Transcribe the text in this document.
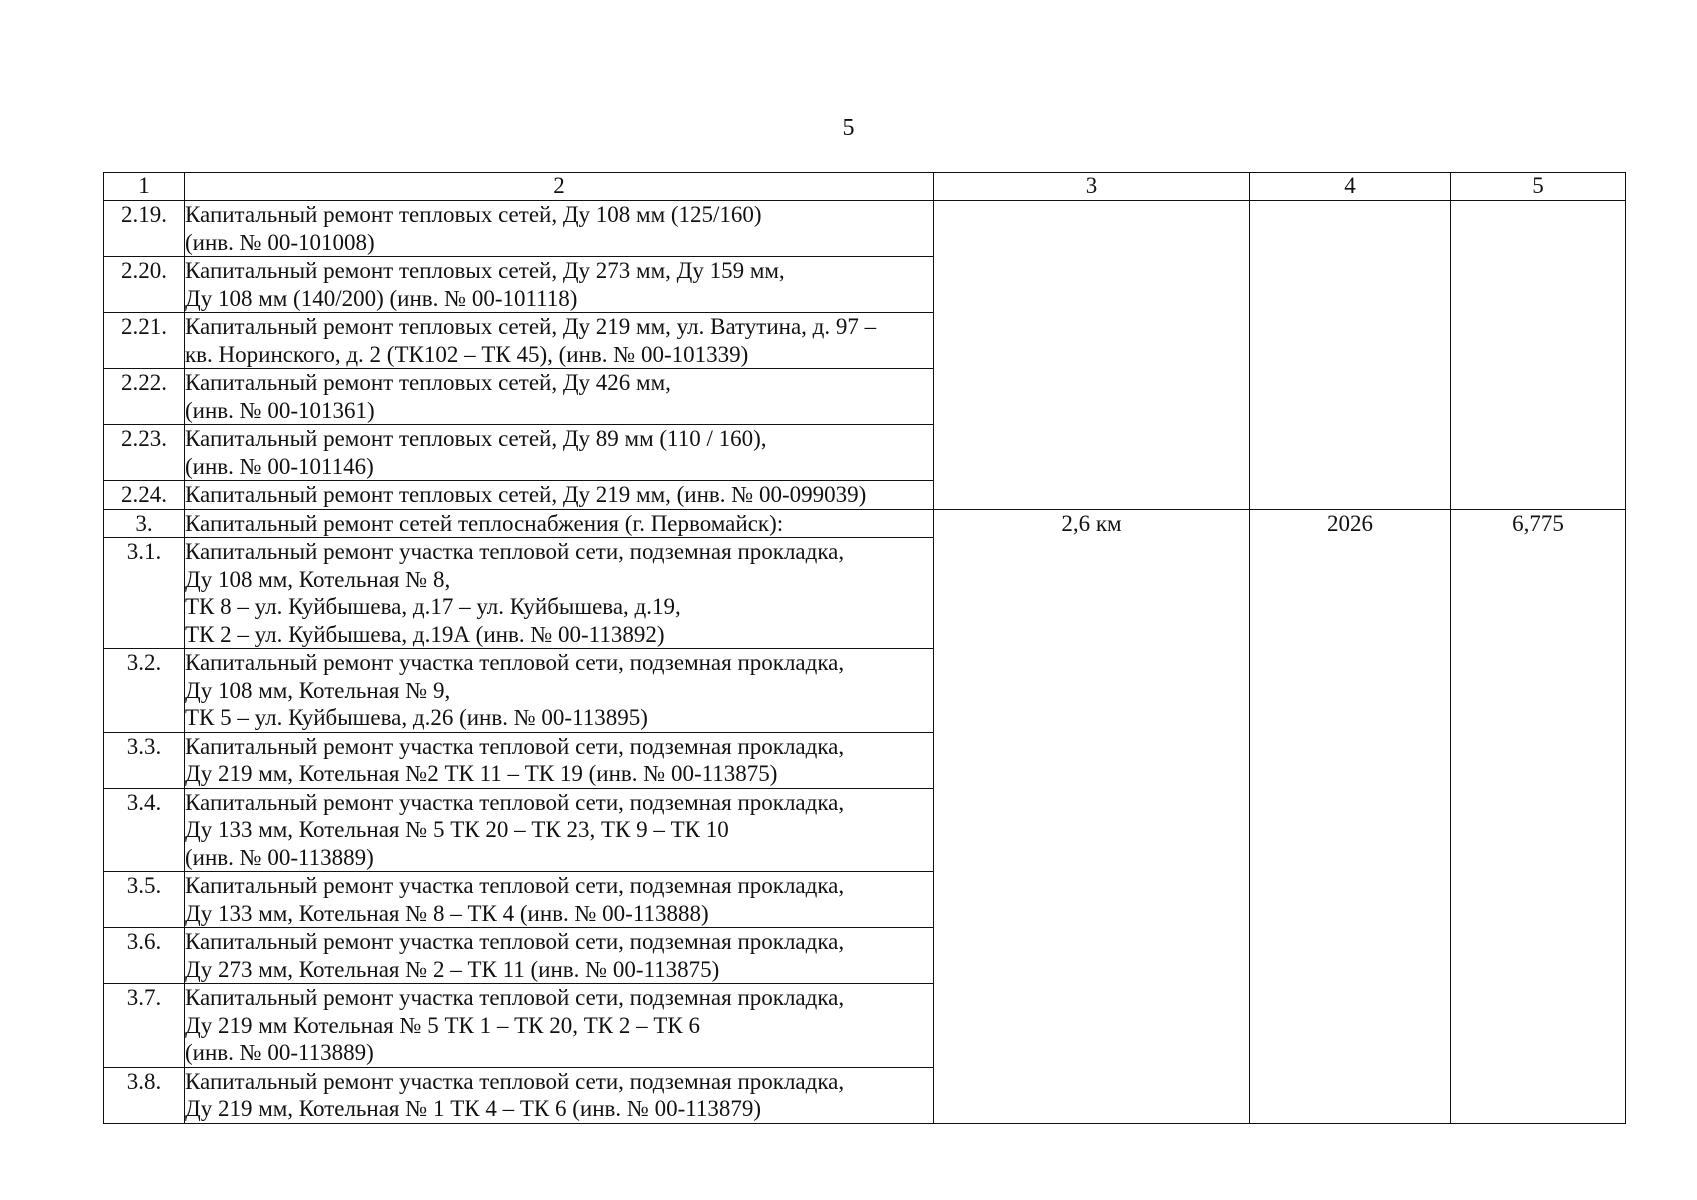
5
1	2	3	4	5
2.19.	Капитальный ремонт тепловых сетей, Ду 108 мм (125/160)
(инв. № 00-101008)			

2.20.	Капитальный ремонт тепловых сетей, Ду 273 мм, Ду 159 мм,
Ду 108 мм (140/200) (инв. № 00-101118)			

2.21.	Капитальный ремонт тепловых сетей, Ду 219 мм, ул. Ватутина, д. 97 –
кв. Норинского, д. 2 (ТК102 – ТК 45), (инв. № 00-101339)			

2.22.	Капитальный ремонт тепловых сетей, Ду 426 мм,
(инв. № 00-101361)			

2.23.	Капитальный ремонт тепловых сетей, Ду 89 мм (110 / 160),
(инв. № 00-101146)			

2.24.	Капитальный ремонт тепловых сетей, Ду 219 мм, (инв. № 00-099039)			

3.	Капитальный ремонт сетей теплоснабжения (г. Первомайск):	2,6 км	2026	6,775
3.1.	Капитальный ремонт участка тепловой сети, подземная прокладка,
Ду 108 мм, Котельная № 8,
ТК 8 – ул. Куйбышева, д.17 – ул. Куйбышева, д.19,
ТК 2 – ул. Куйбышева, д.19А (инв. № 00-113892)			

3.2.	Капитальный ремонт участка тепловой сети, подземная прокладка,
Ду 108 мм, Котельная № 9,
ТК 5 – ул. Куйбышева, д.26 (инв. № 00-113895)			

3.3.	Капитальный ремонт участка тепловой сети, подземная прокладка,
Ду 219 мм, Котельная №2 ТК 11 – ТК 19 (инв. № 00-113875)			

3.4.	Капитальный ремонт участка тепловой сети, подземная прокладка,
Ду 133 мм, Котельная № 5 ТК 20 – ТК 23, ТК 9 – ТК 10
(инв. № 00-113889)			

3.5.	Капитальный ремонт участка тепловой сети, подземная прокладка,
Ду 133 мм, Котельная № 8 – ТК 4 (инв. № 00-113888)			

3.6.	Капитальный ремонт участка тепловой сети, подземная прокладка,
Ду 273 мм, Котельная № 2 – ТК 11 (инв. № 00-113875)			

3.7.	Капитальный ремонт участка тепловой сети, подземная прокладка,
Ду 219 мм Котельная № 5 ТК 1 – ТК 20, ТК 2 – ТК 6
(инв. № 00-113889)			

3.8.	Капитальный ремонт участка тепловой сети, подземная прокладка,
Ду 219 мм, Котельная № 1 ТК 4 – ТК 6 (инв. № 00-113879)			
